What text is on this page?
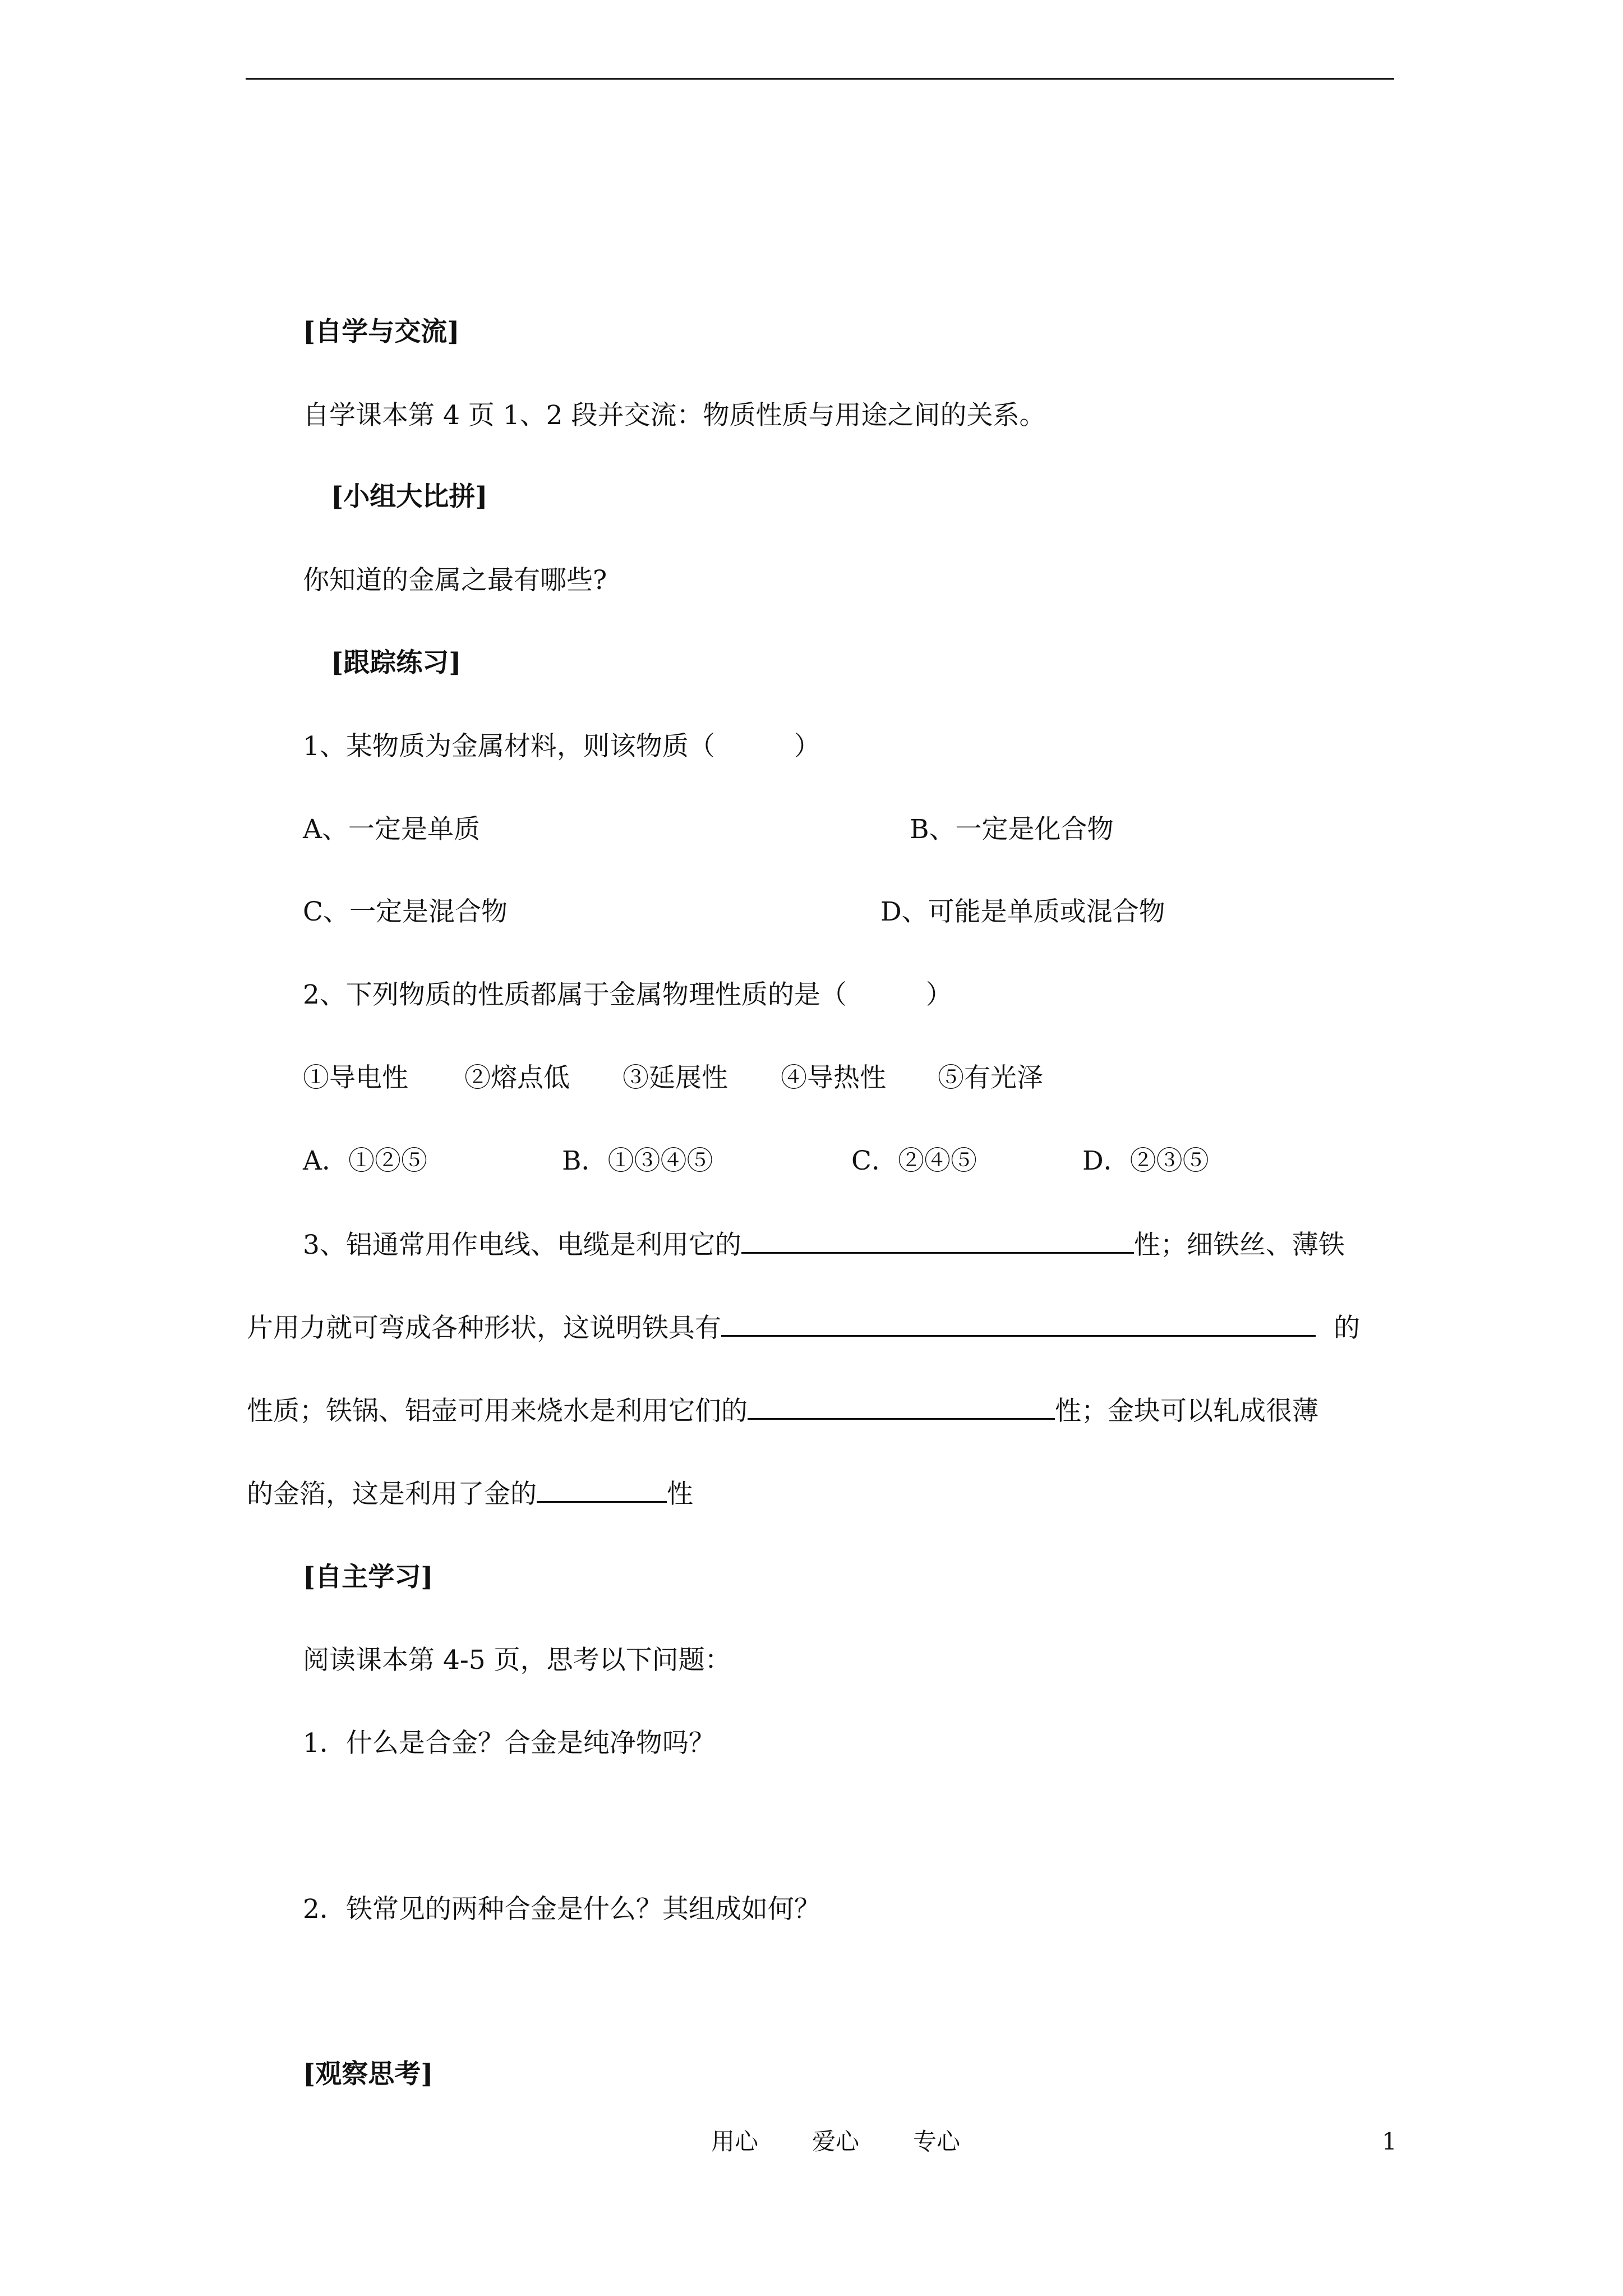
[自学与交流]
自学课本第 4 页 1、2 段并交流：物质性质与用途之间的关系。
[小组大比拼]
你知道的金属之最有哪些?
[跟踪练习]
1、某物质为金属材料，则该物质（　　　）
A、一定是单质	B、一定是化合物
C、一定是混合物	D、可能是单质或混合物
2、下列物质的性质都属于金属物理性质的是（　　　）
①导电性 ②熔点低 ③延展性 ④导热性 ⑤有光泽
A．①②⑤	B．①③④⑤	C．②④⑤	D．②③⑤
3、铝通常用作电线、电缆是利用它的	性；细铁丝、薄铁
片用力就可弯成各种形状，这说明铁具有	的
性质；铁锅、铝壶可用来烧水是利用它们的	性；金块可以轧成很薄
的金箔，这是利用了金的	性
[自主学习]
阅读课本第 4-5 页，思考以下问题：
1．什么是合金？合金是纯净物吗？
2．铁常见的两种合金是什么？其组成如何？
[观察思考]
用心 爱心 专心	1
